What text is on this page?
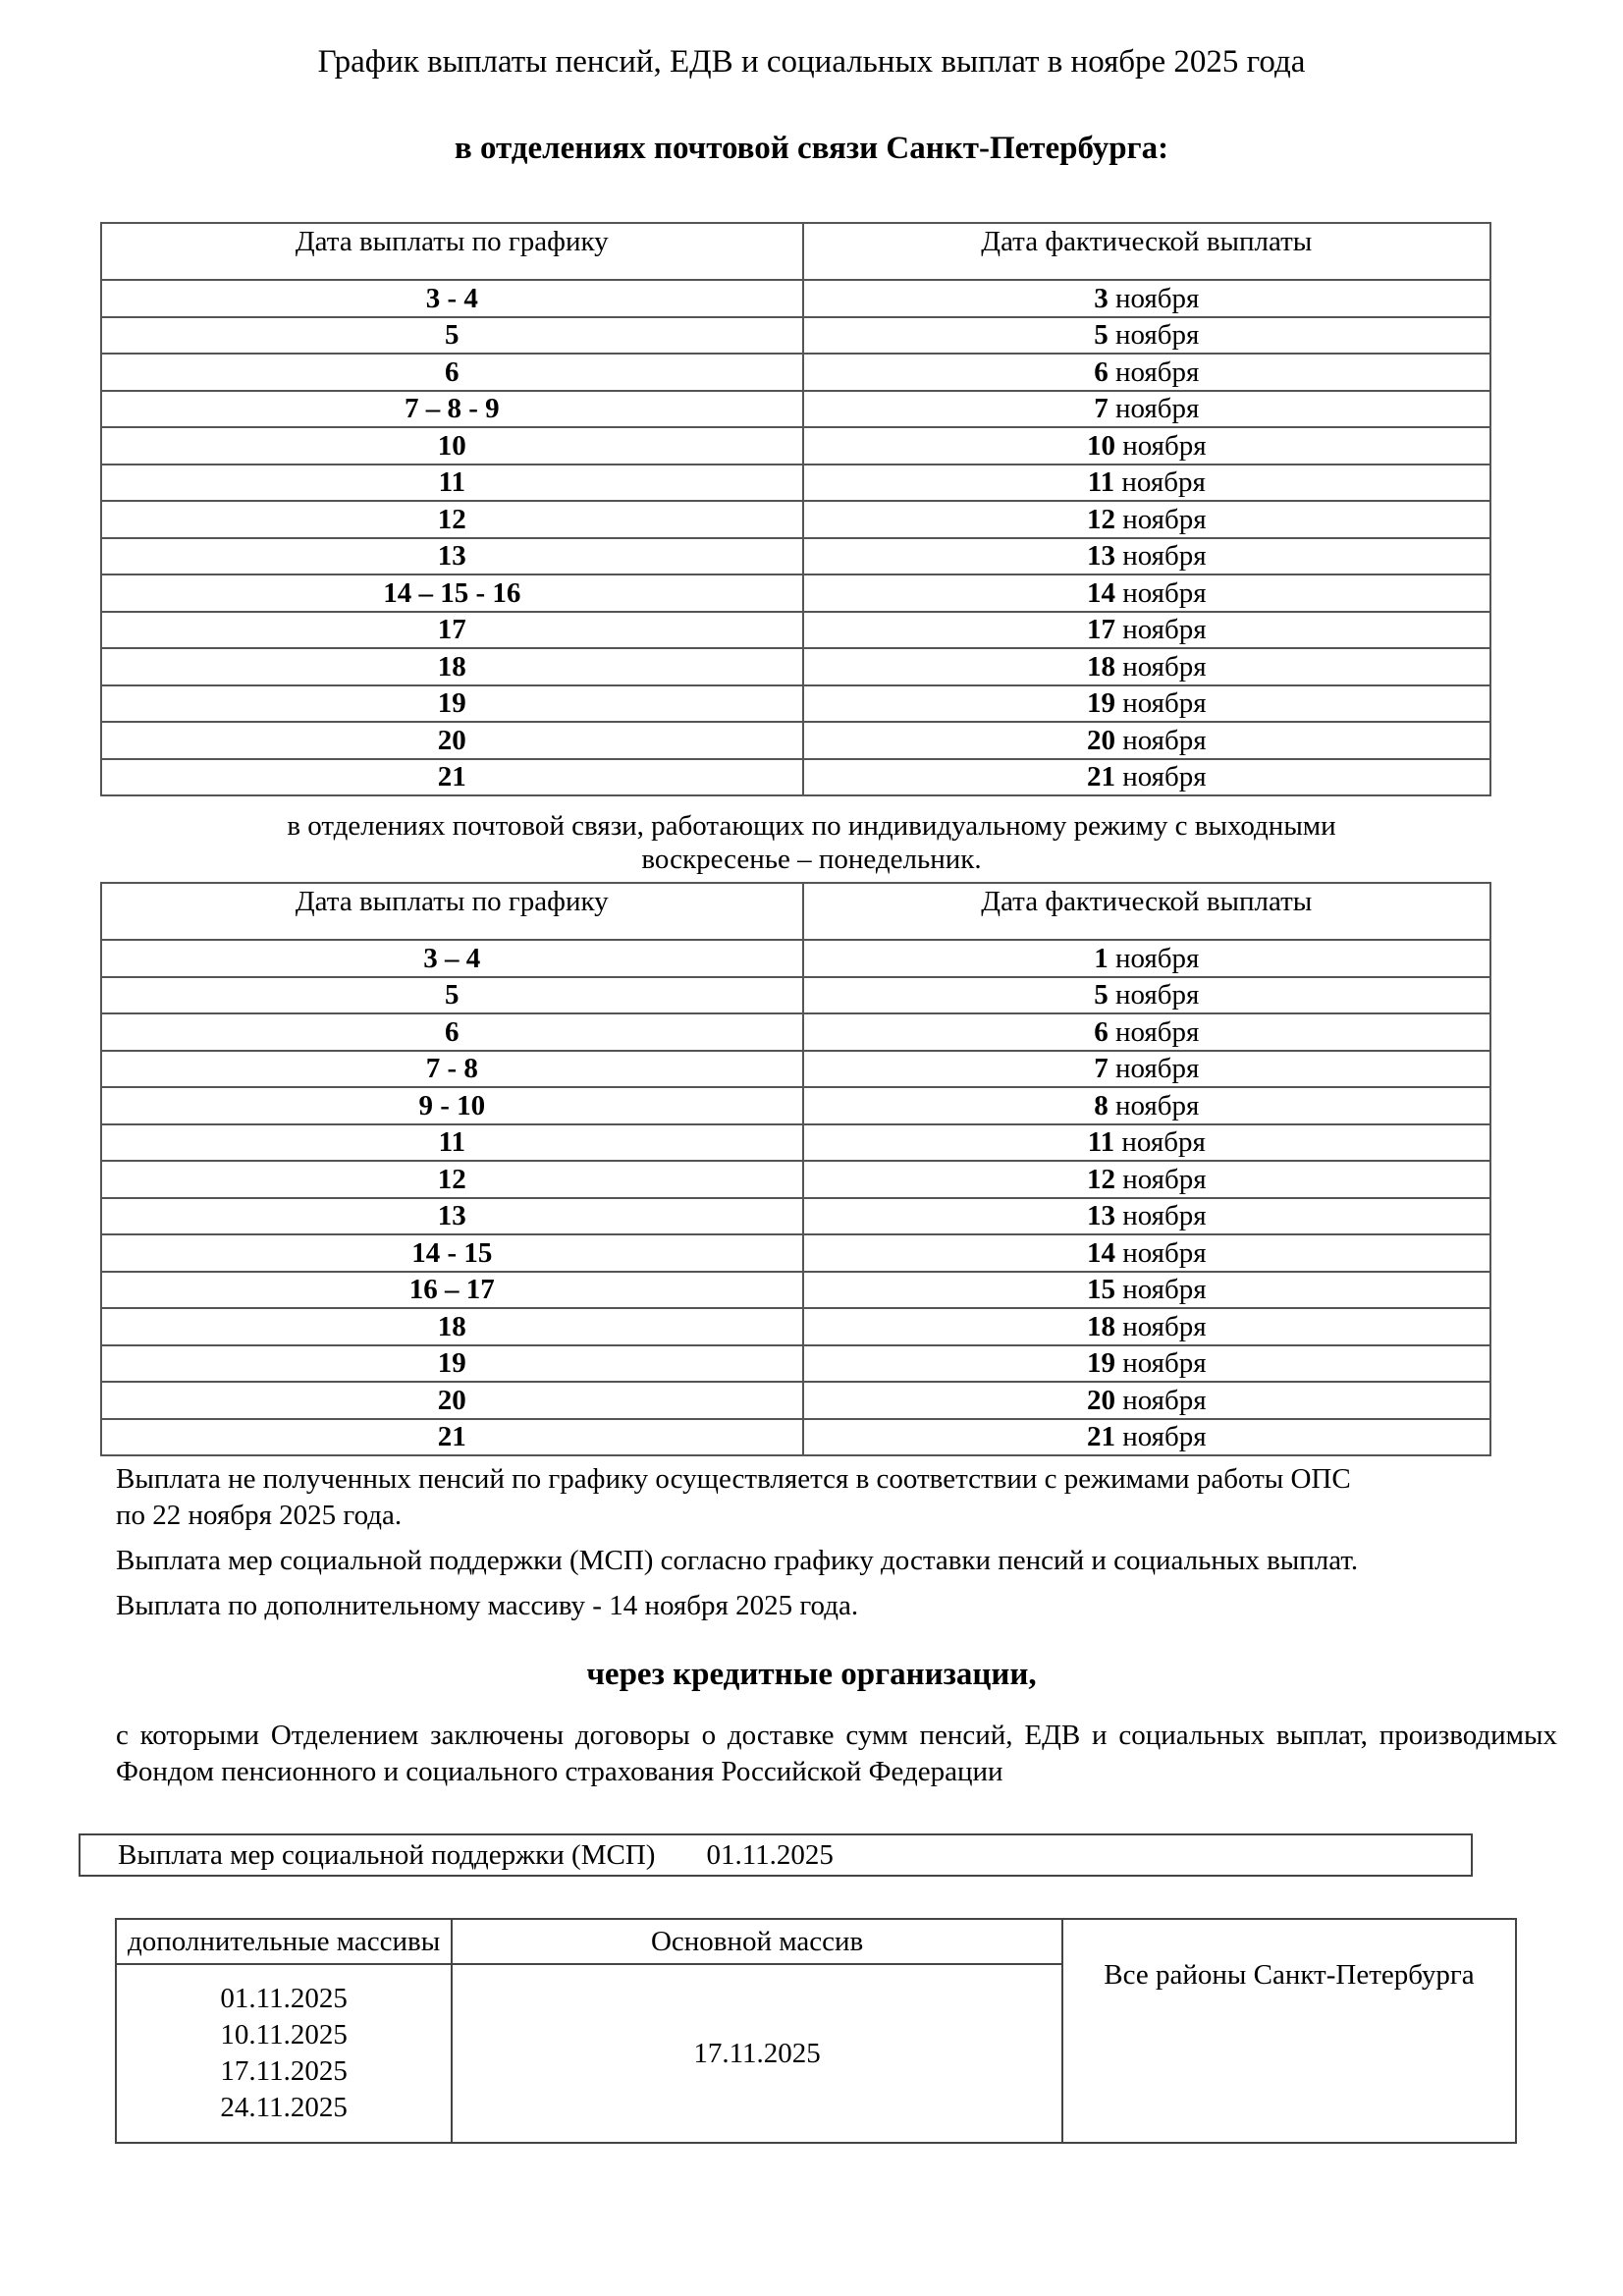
График выплаты пенсий, ЕДВ и социальных выплат в ноябре 2025 года
в отделениях почтовой связи Санкт-Петербурга:
Дата выплаты по графику	Дата фактической выплаты
3 - 4	3 ноября
5	5 ноября
6	6 ноября
7 – 8 - 9	7 ноября
10	10 ноября
11	11 ноября
12	12 ноября
13	13 ноября
14 – 15 - 16	14 ноября
17	17 ноября
18	18 ноября
19	19 ноября
20	20 ноября
21	21 ноября
в отделениях почтовой связи, работающих по индивидуальному режиму с выходными
воскресенье – понедельник.
Дата выплаты по графику	Дата фактической выплаты
3 – 4	1 ноября
5	5 ноября
6	6 ноября
7 - 8	7 ноября
9 - 10	8 ноября
11	11 ноября
12	12 ноября
13	13 ноября
14 - 15	14 ноября
16 – 17	15 ноября
18	18 ноября
19	19 ноября
20	20 ноября
21	21 ноября
Выплата не полученных пенсий по графику осуществляется в соответствии с режимами работы ОПС
по 22 ноября 2025 года.
Выплата мер социальной поддержки (МСП) согласно графику доставки пенсий и социальных выплат.
Выплата по дополнительному массиву - 14 ноября 2025 года.
через кредитные организации,
с которыми Отделением заключены договоры о доставке сумм пенсий, ЕДВ и социальных выплат, производимых Фондом пенсионного и социального страхования Российской Федерации
Выплата мер социальной поддержки (МСП) 01.11.2025
дополнительные массивы	Основной массив	Все районы Санкт-Петербурга

01.11.2025
10.11.2025
17.11.2025
24.11.2025	17.11.2025	
